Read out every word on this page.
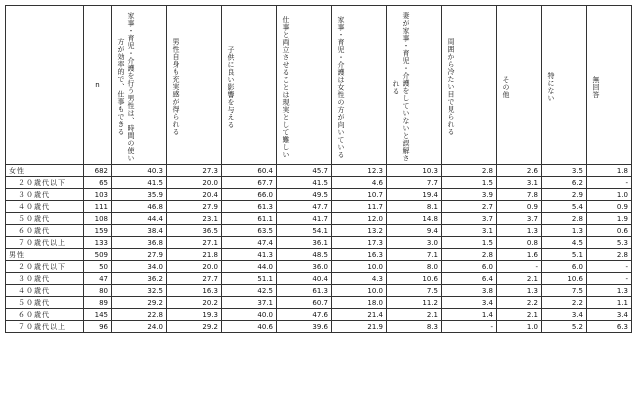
	n	家事・育児・介護を行う男性は、時間の使い方が効率的で、仕事もできる	男性自身も充実感が得られる	子供に良い影響を与える	仕事と両立させることは現実として難しい	家事・育児・介護は女性の方が向いている	妻が家事・育児・介護をしていないと誤解される	周囲から冷たい目で見られる	その他	特にない	無回答

女性	682	40.3	27.3	60.4	45.7	12.3	10.3	2.8	2.6	3.5	1.8
２０歳代以下	65	41.5	20.0	67.7	41.5	4.6	7.7	1.5	3.1	6.2	-
３０歳代	103	35.9	20.4	66.0	49.5	10.7	19.4	3.9	7.8	2.9	1.0
４０歳代	111	46.8	27.9	61.3	47.7	11.7	8.1	2.7	0.9	5.4	0.9
５０歳代	108	44.4	23.1	61.1	41.7	12.0	14.8	3.7	3.7	2.8	1.9
６０歳代	159	38.4	36.5	63.5	54.1	13.2	9.4	3.1	1.3	1.3	0.6
７０歳代以上	133	36.8	27.1	47.4	36.1	17.3	3.0	1.5	0.8	4.5	5.3
男性	509	27.9	21.8	41.3	48.5	16.3	7.1	2.8	1.6	5.1	2.8
２０歳代以下	50	34.0	20.0	44.0	36.0	10.0	8.0	6.0	-	6.0	-
３０歳代	47	36.2	27.7	51.1	40.4	4.3	10.6	6.4	2.1	10.6	-
４０歳代	80	32.5	16.3	42.5	61.3	10.0	7.5	3.8	1.3	7.5	1.3
５０歳代	89	29.2	20.2	37.1	60.7	18.0	11.2	3.4	2.2	2.2	1.1
６０歳代	145	22.8	19.3	40.0	47.6	21.4	2.1	1.4	2.1	3.4	3.4
７０歳代以上	96	24.0	29.2	40.6	39.6	21.9	8.3	-	1.0	5.2	6.3
